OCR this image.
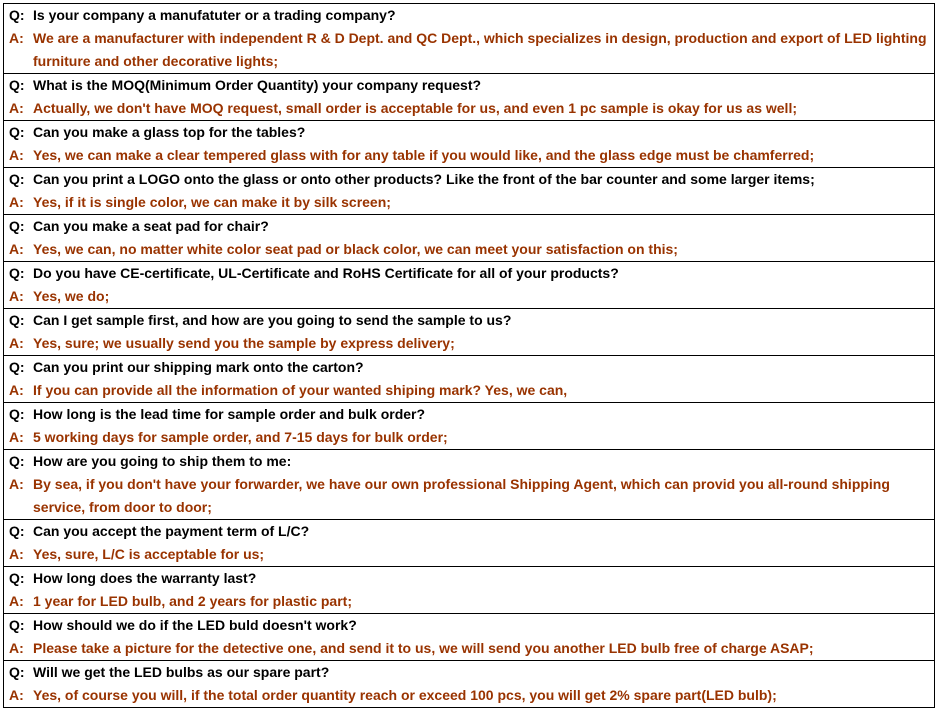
Q: Is your company a manufatuter or a trading company?
A: We are a manufacturer with independent R & D Dept. and QC Dept., which specializes in design, production and export of LED lighting furniture and other decorative lights;

Q: What is the MOQ(Minimum Order Quantity) your company request?
A: Actually, we don't have MOQ request, small order is acceptable for us, and even 1 pc sample is okay for us as well;

Q: Can you make a glass top for the tables?
A: Yes, we can make a clear tempered glass with for any table if you would like, and the glass edge must be chamferred;

Q: Can you print a LOGO onto the glass or onto other products? Like the front of the bar counter and some larger items;
A: Yes, if it is single color, we can make it by silk screen;

Q: Can you make a seat pad for chair?
A: Yes, we can, no matter white color seat pad or black color, we can meet your satisfaction on this;

Q: Do you have CE-certificate, UL-Certificate and RoHS Certificate for all of your products?
A: Yes, we do;

Q: Can I get sample first, and how are you going to send the sample to us?
A: Yes, sure; we usually send you the sample by express delivery;

Q: Can you print our shipping mark onto the carton?
A: If you can provide all the information of your wanted shiping mark? Yes, we can,

Q: How long is the lead time for sample order and bulk order?
A: 5 working days for sample order, and 7-15 days for bulk order;

Q: How are you going to ship them to me:
A: By sea, if you don't have your forwarder, we have our own professional Shipping Agent, which can provid you all-round shipping service, from door to door;

Q: Can you accept the payment term of L/C?
A: Yes, sure, L/C is acceptable for us;

Q: How long does the warranty last?
A: 1 year for LED bulb, and 2 years for plastic part;

Q: How should we do if the LED buld doesn't work?
A: Please take a picture for the detective one, and send it to us, we will send you another LED bulb free of charge ASAP;

Q: Will we get the LED bulbs as our spare part?
A: Yes, of course you will, if the total order quantity reach or exceed 100 pcs, you will get 2% spare part(LED bulb);
